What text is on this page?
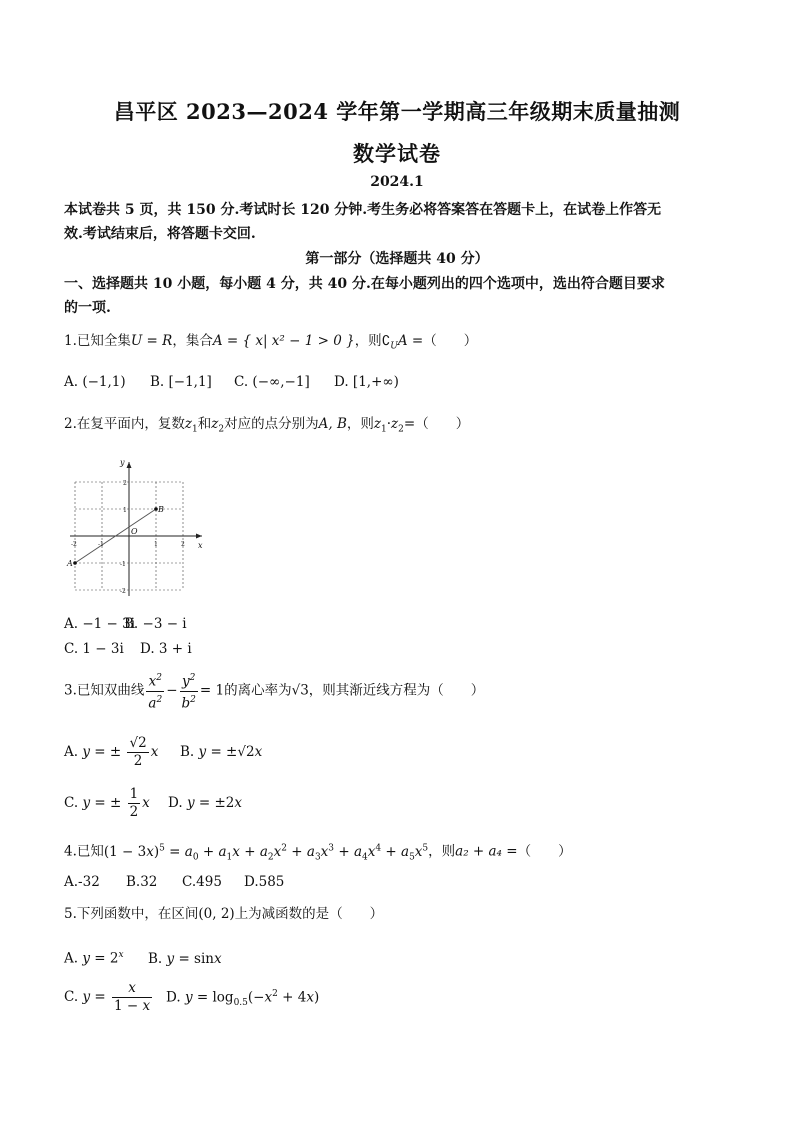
昌平区 2023—2024 学年第一学期高三年级期末质量抽测
数学试卷
2024.1
本试卷共 5 页，共 150 分.考试时长 120 分钟.考生务必将答案答在答题卡上，在试卷上作答无
效.考试结束后，将答题卡交回.
第一部分（选择题共 40 分）
一、选择题共 10 小题，每小题 4 分，共 40 分.在每小题列出的四个选项中，选出符合题目要求
的一项.
1.已知全集U = R，集合A = { x| x² − 1 > 0 }，则$∁_UA$ =（　　）
A. (−1,1) B. [−1,1] C. (−∞,−1] D. [1,+∞)
2.在复平面内，复数$z_1$和$z_2$对应的点分别为A, B，则$z_1\cdot z_2=$（　　）
A
B
x
y
O
-2	-1	1	2
2
1
-1
-2
A. −1 − 3iB. −3 − i
C. 1 − 3i D. 3 + i
3.已知双曲线 $\frac{x^2}{a^2} - \frac{y^2}{b^2} = 1$的离心率为√3，则其渐近线方程为（　　）
A. y = ± $\frac{√2}{2}$ x B. y = ±√2x
C. y = ± $\frac{1}{2}$ x D. y = ±2x
4.已知$(1 - 3x)^5 = a_0 + a_1x + a_2x^2 + a_3x^3 + a_4x^4 + a_5x^5$，则a₂ + a₄ =（　　）
A.-32 B.32 C.495 D.585
5.下列函数中，在区间(0, 2)上为减函数的是（　　）
A. $y = 2^x$ B. y = sinx
C. $y = \frac{x}{1 - x} D$. $y = \log_{0.5}(-x^2 + 4x)$
